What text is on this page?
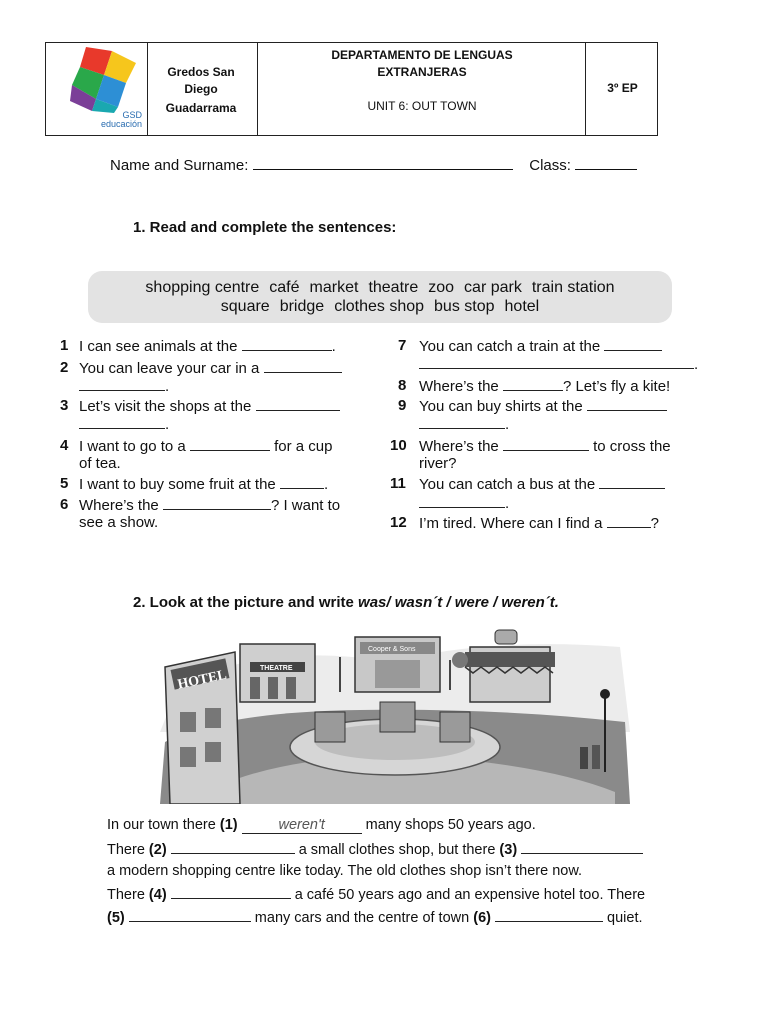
GSD
educación
Gredos San
Diego
Guadarrama
DEPARTAMENTO DE LENGUAS
EXTRANJERAS
UNIT 6: OUT TOWN
3º EP
Name and Surname:	Class:
1. Read and complete the sentences:
shopping centre café market theatre zoo car park train station
square bridge clothes shop bus stop hotel
1 I can see animals at the	.
2 You can leave your car in a
.
3 Let’s visit the shops at the
.
4 I want to go to a	for a cup
of tea.
5 I want to buy some fruit at the	.
6 Where’s the	? I want to
see a show.
7 You can catch a train at the
.
8 Where’s the	? Let’s fly a kite!
9 You can buy shirts at the
.
10 Where’s the	to cross the
river?
11 You can catch a bus at the
.
12 I’m tired. Where can I find a	?
2. Look at the picture and write was/ wasn´t / were / weren´t.
HOTEL	THEATRE
Cooper & Sons
In our town there (1)	weren't	many shops 50 years ago.
There (2)	a small clothes shop, but there (3)
a modern shopping centre like today. The old clothes shop isn’t there now.
There (4)	a café 50 years ago and an expensive hotel too. There
(5)	many cars and the centre of town (6)	quiet.
